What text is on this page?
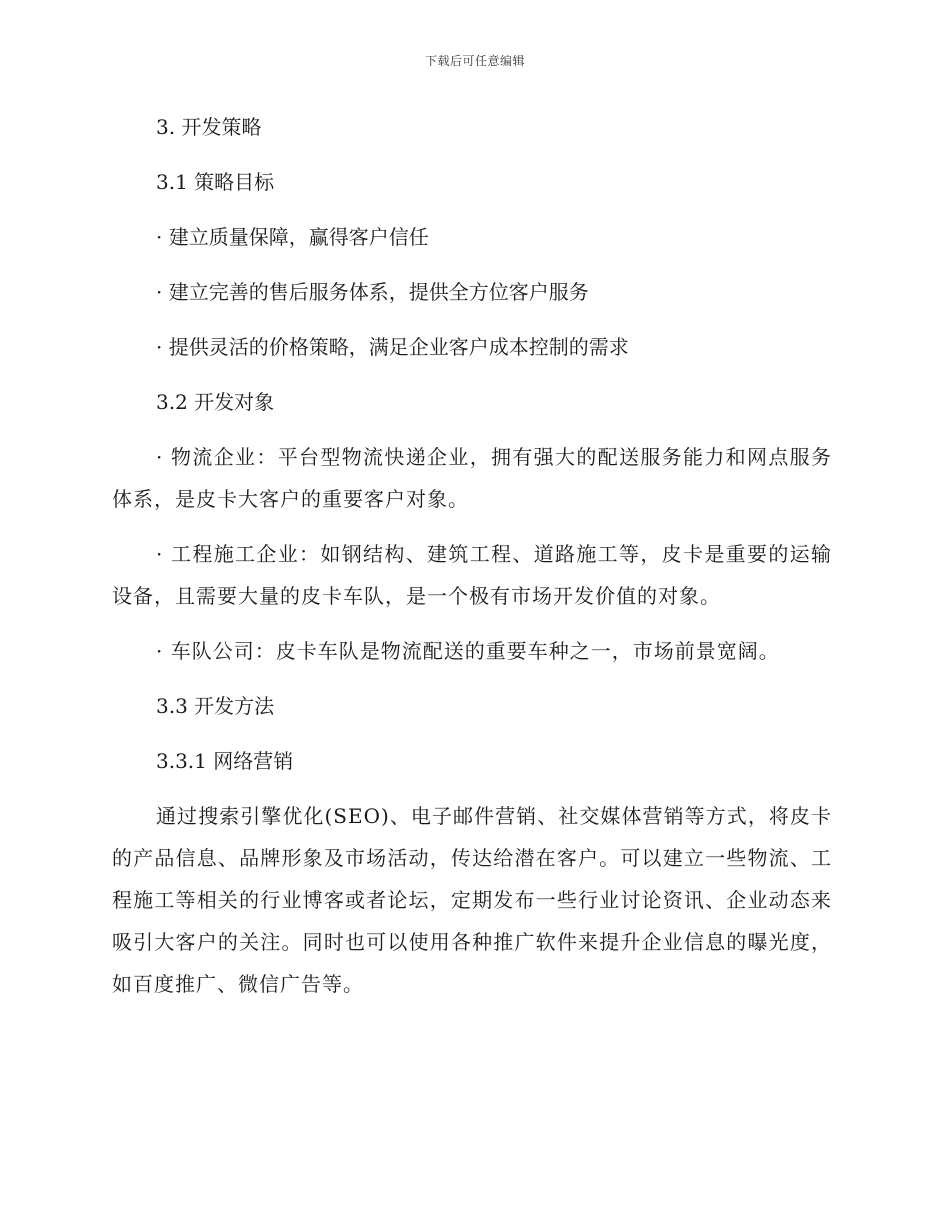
下载后可任意编辑
3. 开发策略
3.1 策略目标
· 建立质量保障，赢得客户信任
· 建立完善的售后服务体系，提供全方位客户服务
· 提供灵活的价格策略，满足企业客户成本控制的需求
3.2 开发对象

· 物流企业：平台型物流快递企业，拥有强大的配送服务能力和网点服务体系，是皮卡大客户的重要客户对象。

· 工程施工企业：如钢结构、建筑工程、道路施工等，皮卡是重要的运输设备，且需要大量的皮卡车队，是一个极有市场开发价值的对象。

· 车队公司：皮卡车队是物流配送的重要车种之一，市场前景宽阔。

3.3 开发方法
3.3.1 网络营销

通过搜索引擎优化(SEO)、电子邮件营销、社交媒体营销等方式，将皮卡的产品信息、品牌形象及市场活动，传达给潜在客户。可以建立一些物流、工程施工等相关的行业博客或者论坛，定期发布一些行业讨论资讯、企业动态来吸引大客户的关注。同时也可以使用各种推广软件来提升企业信息的曝光度，如百度推广、微信广告等。
